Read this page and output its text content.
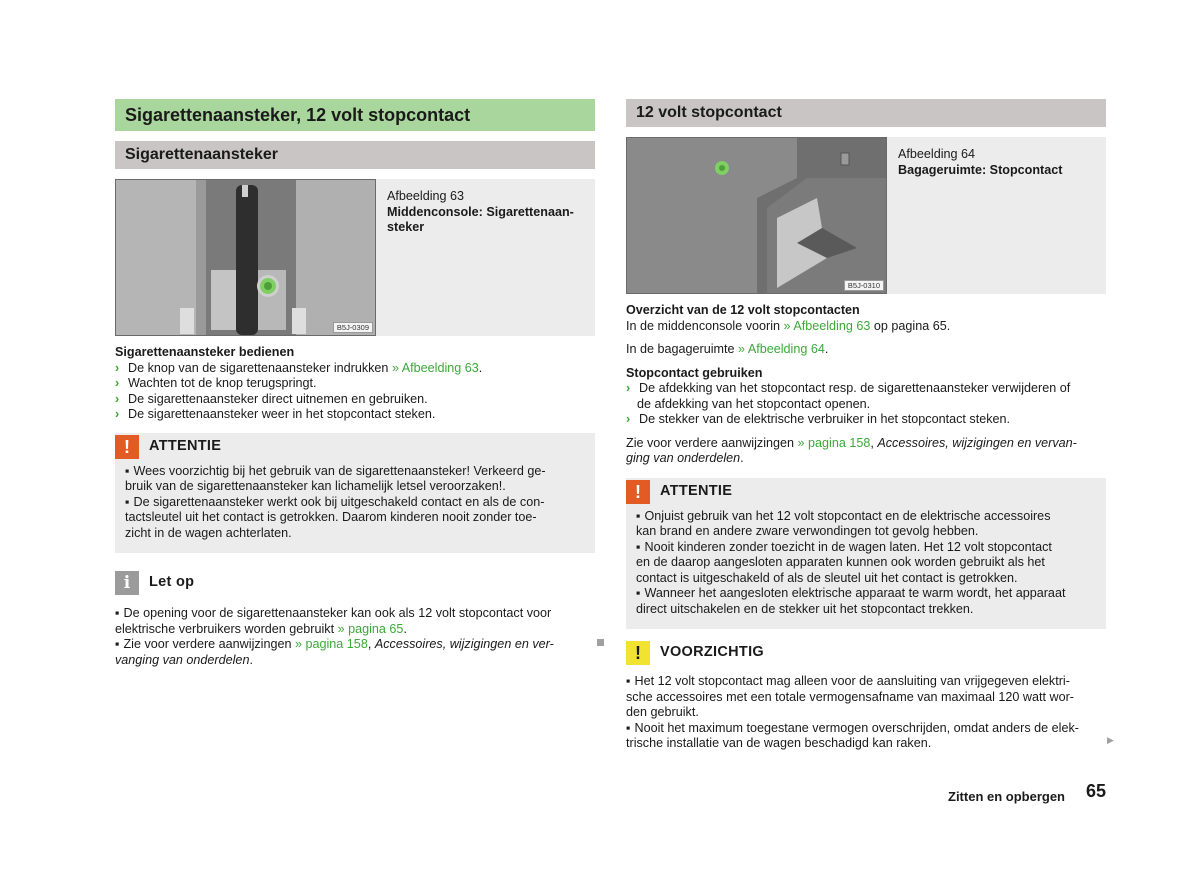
Sigarettenaansteker, 12 volt stopcontact
Sigarettenaansteker
B5J-0309
Afbeelding 63
Middenconsole: Sigarettenaan-
steker
Sigarettenaansteker bedienen
› De knop van de sigarettenaansteker indrukken » Afbeelding 63.
› Wachten tot de knop terugspringt.
› De sigarettenaansteker direct uitnemen en gebruiken.
› De sigarettenaansteker weer in het stopcontact steken.
!	ATTENTIE
▪ Wees voorzichtig bij het gebruik van de sigarettenaansteker! Verkeerd ge-
bruik van de sigarettenaansteker kan lichamelijk letsel veroorzaken!.
▪ De sigarettenaansteker werkt ook bij uitgeschakeld contact en als de con-
tactsleutel uit het contact is getrokken. Daarom kinderen nooit zonder toe-
zicht in de wagen achterlaten.
i	Let op
▪ De opening voor de sigarettenaansteker kan ook als 12 volt stopcontact voor
elektrische verbruikers worden gebruikt » pagina 65.
▪ Zie voor verdere aanwijzingen » pagina 158, Accessoires, wijzigingen en ver-
vanging van onderdelen.
12 volt stopcontact
B5J-0310
Afbeelding 64
Bagageruimte: Stopcontact
Overzicht van de 12 volt stopcontacten
In de middenconsole voorin » Afbeelding 63 op pagina 65.
In de bagageruimte » Afbeelding 64.
Stopcontact gebruiken
› De afdekking van het stopcontact resp. de sigarettenaansteker verwijderen of
de afdekking van het stopcontact openen.
› De stekker van de elektrische verbruiker in het stopcontact steken.
Zie voor verdere aanwijzingen » pagina 158, Accessoires, wijzigingen en vervan-
ging van onderdelen.
!	ATTENTIE
▪ Onjuist gebruik van het 12 volt stopcontact en de elektrische accessoires
kan brand en andere zware verwondingen tot gevolg hebben.
▪ Nooit kinderen zonder toezicht in de wagen laten. Het 12 volt stopcontact
en de daarop aangesloten apparaten kunnen ook worden gebruikt als het
contact is uitgeschakeld of als de sleutel uit het contact is getrokken.
▪ Wanneer het aangesloten elektrische apparaat te warm wordt, het apparaat
direct uitschakelen en de stekker uit het stopcontact trekken.
!	VOORZICHTIG
▪ Het 12 volt stopcontact mag alleen voor de aansluiting van vrijgegeven elektri-
sche accessoires met een totale vermogensafname van maximaal 120 watt wor-
den gebruikt.
▪ Nooit het maximum toegestane vermogen overschrijden, omdat anders de elek-
trische installatie van de wagen beschadigd kan raken.	▶
Zitten en opbergen 65
